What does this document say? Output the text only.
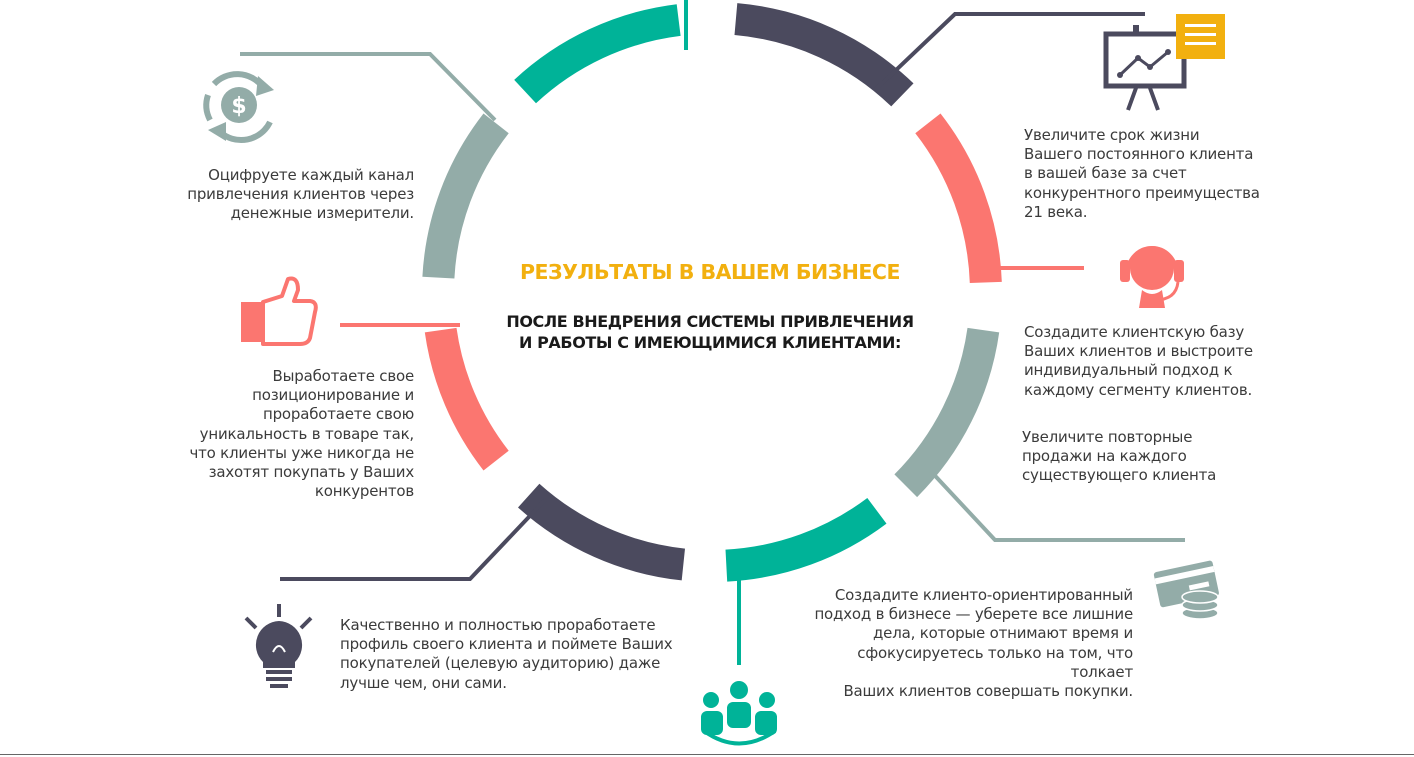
$
РЕЗУЛЬТАТЫ В ВАШЕМ БИЗНЕСЕ
ПОСЛЕ ВНЕДРЕНИЯ СИСТЕМЫ ПРИВЛЕЧЕНИЯ
И РАБОТЫ С ИМЕЮЩИМИСЯ КЛИЕНТАМИ:
Оцифруете каждый канал
привлечения клиентов через
денежные измерители.
Выработаете свое
позиционирование и
проработаете свою
уникальность в товаре так,
что клиенты уже никогда не
захотят покупать у Ваших
конкурентов
Качественно и полностью проработаете
профиль своего клиента и поймете Ваших
покупателей (целевую аудиторию) даже
лучше чем, они сами.
Увеличите срок жизни
Вашего постоянного клиента
в вашей базе за счет
конкурентного преимущества
21 века.
Создадите клиентскую базу
Ваших клиентов и выстроите
индивидуальный подход к
каждому сегменту клиентов.
Увеличите повторные
продажи на каждого
существующего клиента
Создадите клиенто-ориентированный
подход в бизнесе — уберете все лишние
дела, которые отнимают время и
сфокусируетесь только на том, что толкает
Ваших клиентов совершать покупки.
